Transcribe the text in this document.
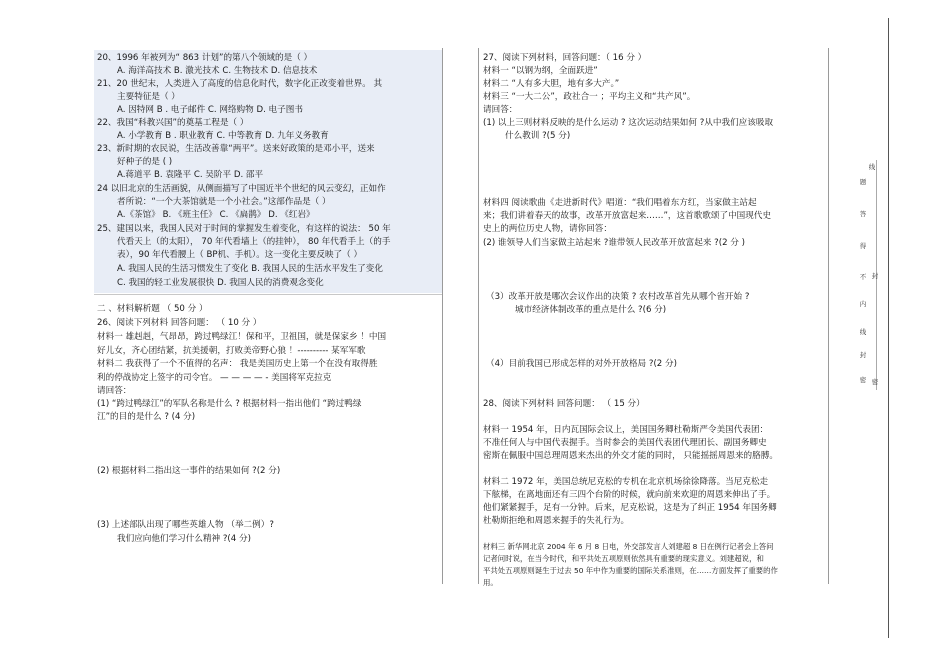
20、1996 年被列为“ 863 计划”的第八个领域的是（ ）
A. 海洋高技术 B. 激光技术 C. 生物技术 D. 信息技术
21、20 世纪末，人类进入了高度的信息化时代，数字化正改变着世界。 其
主要特征是（ ）
A. 因特网 B . 电子邮件 C. 网络购物 D. 电子图书
22、我国“科教兴国”的奠基工程是（ ）
A. 小学教育 B . 职业教育 C. 中等教育 D. 九年义务教育
23、新时期的农民说，生活改善靠“两平”。送来好政策的是邓小平，送来
好种子的是 ( )
A.蒋道平 B. 袁隆平 C. 吴阶平 D. 邵平
24 以旧北京的生活画貌，从侧面描写了中国近半个世纪的风云变幻，正如作
者所说：“一个大茶馆就是一个小社会。”这部作品是（ ）
A.《茶馆》 B. 《班主任》 C. 《扁鹊》 D. 《红岩》
25、建国以来，我国人民对于时间的掌握发生着变化，有这样的说法： 50 年
代看天上（的太阳）， 70 年代看墙上（的挂钟）， 80 年代看手上（的手
表），90 年代看腰上（ BP机、手机）。这一变化主要反映了（ ）
A. 我国人民的生活习惯发生了变化 B. 我国人民的生活水平发生了变化
C. 我国的轻工业发展很快 D. 我国人民的消费观念变化
二 、材料解析题 （ 50 分 ）
26、阅读下列材料 回答问题： （ 10 分 ）
材料一 雄赳赳，气昂昂，跨过鸭绿江！保和平，卫祖国，就是保家乡 ！中国
好儿女，齐心团结紧，抗美援朝，打败美帝野心狼 ！---------- 某军军歌
材料二 我获得了一个不值得的名声： 我是美国历史上第一个在没有取得胜
利的停战协定上签字的司令官。 — — — — - 美国将军克拉克
请回答：
(1) “跨过鸭绿江”的军队名称是什么 ? 根据材料一指出他们 “跨过鸭绿
江”的目的是什么 ? (4 分)
(2) 根据材料二指出这一事件的结果如何 ?(2 分)
(3) 上述部队出现了哪些英雄人物 （举二例）?
我们应向他们学习什么精神 ?(4 分)
27、阅读下列材料，回答问题：（ 16 分 ）
材料一 “以钢为纲，全面跃进”
材料二 “人有多大胆，地有多大产。”
材料三 “一大二公”，政社合一 ；平均主义和“共产风”。
请回答：
(1) 以上三则材料反映的是什么运动 ? 这次运动结果如何 ?从中我们应该吸取
什么教训 ?(5 分)
材料四 阅读歌曲《走进新时代》唱道：“我们唱着东方红，当家做主站起
来；我们讲着春天的故事，改革开放富起来……”，这首歌歌颂了中国现代史
史上的两位历史人物，请你回答：
(2) 谁领导人们当家做主站起来 ?谁带领人民改革开放富起来 ?(2 分 )
（3）改革开放是哪次会议作出的决策 ? 农村改革首先从哪个省开始 ?
城市经济体制改革的重点是什么 ?(6 分)
（4）目前我国已形成怎样的对外开放格局 ?(2 分)
28、阅读下列材料 回答问题： （ 15 分）
材料一 1954 年，日内瓦国际会议上，美国国务卿杜勒斯严令美国代表团：
不准任何人与中国代表握手。当时参会的美国代表团代理团长、副国务卿史
密斯在佩服中国总理周恩来杰出的外交才能的同时， 只能摇摇周恩来的胳膊。
材料二 1972 年，美国总统尼克松的专机在北京机场徐徐降落。当尼克松走
下舷梯，在离地面还有三四个台阶的时候，就向前来欢迎的周恩来伸出了手。
他们紧紧握手，足有一分钟。后来，尼克松说，这是为了纠正 1954 年国务卿
杜勒斯拒绝和周恩来握手的失礼行为。
材料三 新华网北京 2004 年 6 月 8 日电，外交部发言人刘建超 8 日在例行记者会上答问
记者问时说，在当今时代，和平共处五项原则依然具有重要的现实意义。刘建超说，和
平共处五项原则诞生于过去 50 年中作为重要的国际关系准则，在……方面发挥了重要的作
用。
线
题
答
得
不
内
线
封
密
封
密
